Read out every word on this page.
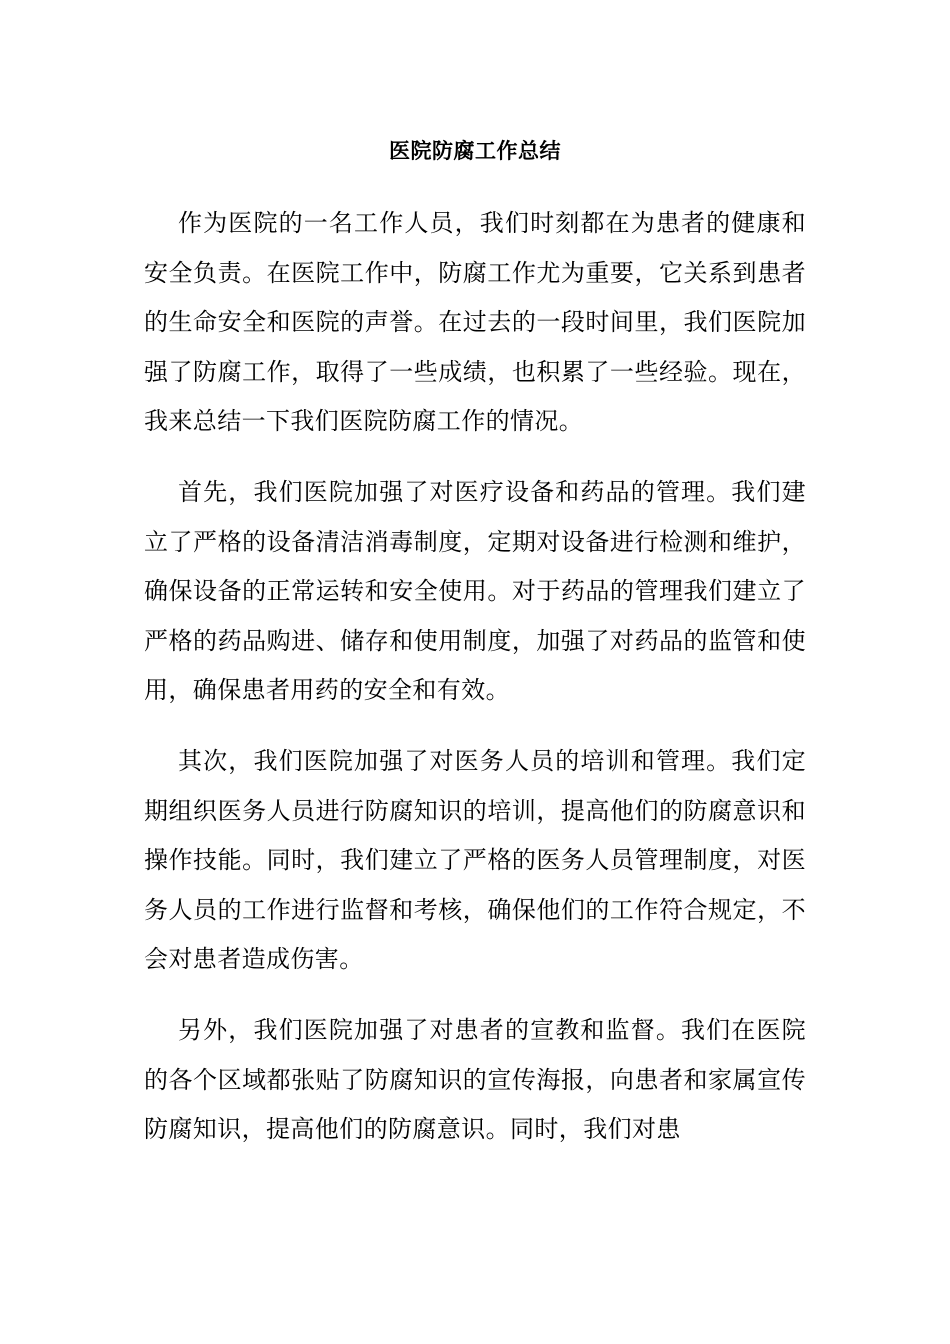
医院防腐工作总结

作为医院的一名工作人员，我们时刻都在为患者的健康和安全负责。在医院工作中，防腐工作尤为重要，它关系到患者的生命安全和医院的声誉。在过去的一段时间里，我们医院加强了防腐工作，取得了一些成绩，也积累了一些经验。现在，我来总结一下我们医院防腐工作的情况。

首先，我们医院加强了对医疗设备和药品的管理。我们建立了严格的设备清洁消毒制度，定期对设备进行检测和维护，确保设备的正常运转和安全使用。对于药品的管理我们建立了严格的药品购进、储存和使用制度，加强了对药品的监管和使用，确保患者用药的安全和有效。

其次，我们医院加强了对医务人员的培训和管理。我们定期组织医务人员进行防腐知识的培训，提高他们的防腐意识和操作技能。同时，我们建立了严格的医务人员管理制度，对医务人员的工作进行监督和考核，确保他们的工作符合规定，不会对患者造成伤害。

另外，我们医院加强了对患者的宣教和监督。我们在医院的各个区域都张贴了防腐知识的宣传海报，向患者和家属宣传防腐知识，提高他们的防腐意识。同时，我们对患
